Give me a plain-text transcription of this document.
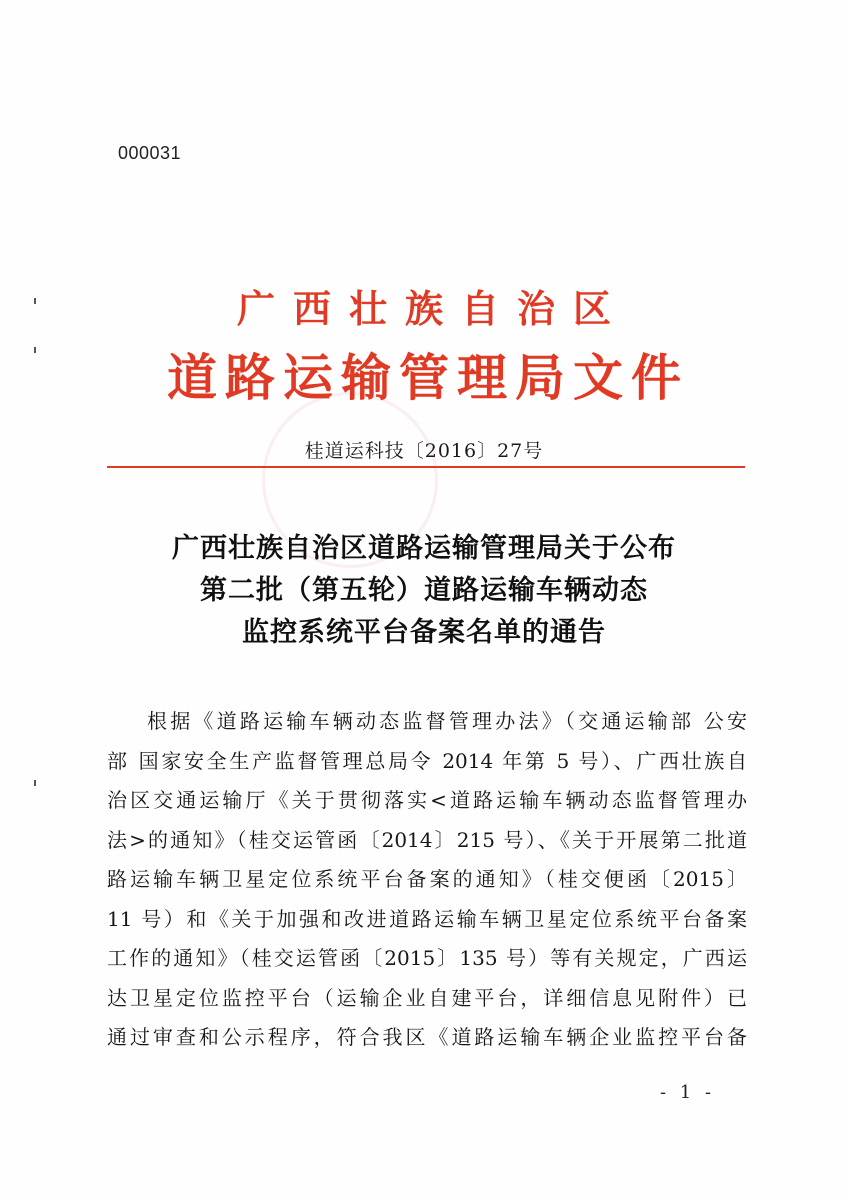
000031
广西壮族自治区
道路运输管理局文件
桂道运科技〔2016〕27号
广西壮族自治区道路运输管理局关于公布
第二批（第五轮）道路运输车辆动态
监控系统平台备案名单的通告
根据《道路运输车辆动态监督管理办法》（交通运输部 公安
部 国家安全生产监督管理总局令 2014 年第 5 号）、广西壮族自
治区交通运输厅《关于贯彻落实<道路运输车辆动态监督管理办
法>的通知》（桂交运管函〔2014〕215 号）、《关于开展第二批道
路运输车辆卫星定位系统平台备案的通知》（桂交便函〔2015〕
11 号）和《关于加强和改进道路运输车辆卫星定位系统平台备案
工作的通知》（桂交运管函〔2015〕135 号）等有关规定，广西运
达卫星定位监控平台（运输企业自建平台，详细信息见附件）已
通过审查和公示程序，符合我区《道路运输车辆企业监控平台备
- 1 -
